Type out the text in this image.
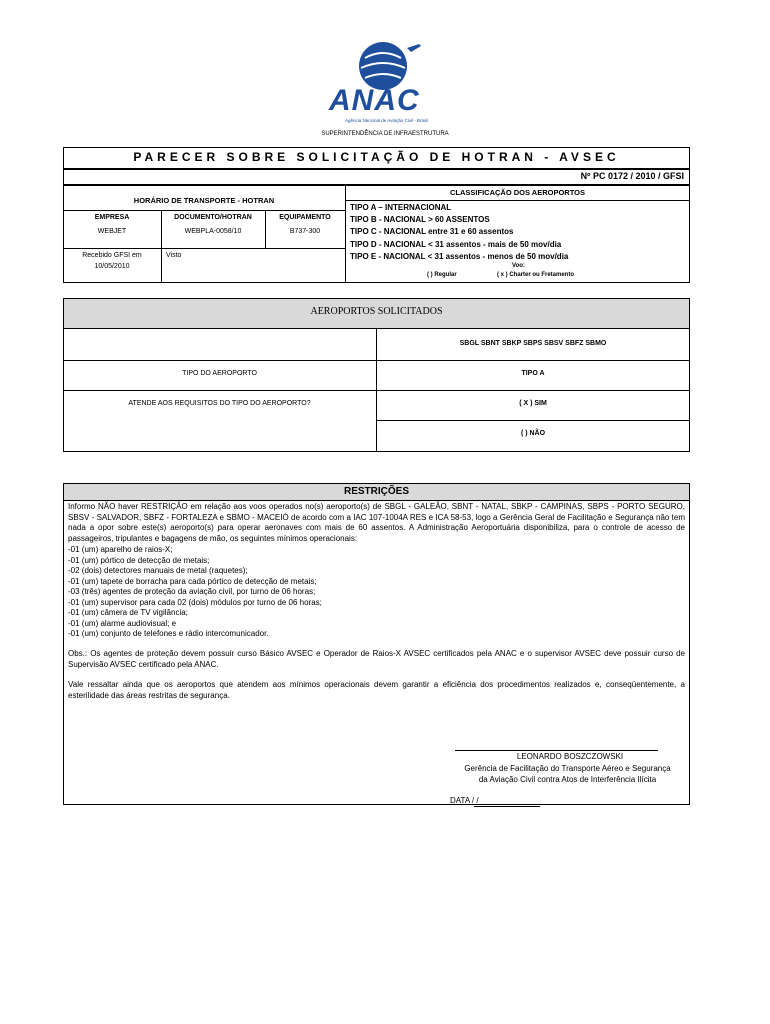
ANAC
Agência Nacional de Aviação Civil - Brasil
SUPERINTENDÊNCIA DE INFRAESTRUTURA
PARECER SOBRE SOLICITAÇÃO DE HOTRAN - AVSEC
Nº PC 0172 / 2010 / GFSI
HORÁRIO DE TRANSPORTE - HOTRAN
EMPRESA	DOCUMENTO/HOTRAN	EQUIPAMENTO
WEBJET	WEBPLA-0058/10	B737-300
Recebido GFSI em
10/05/2010
Visto
CLASSIFICAÇÃO DOS AEROPORTOS
TIPO A – INTERNACIONAL
TIPO B - NACIONAL > 60 ASSENTOS
TIPO C - NACIONAL entre 31 e 60 assentos
TIPO D - NACIONAL < 31 assentos - mais de 50 mov/dia
TIPO E - NACIONAL < 31 assentos - menos de 50 mov/dia
Voo:
( ) Regular	( x ) Charter ou Fretamento
AEROPORTOS SOLICITADOS
SBGL SBNT SBKP SBPS SBSV SBFZ SBMO
TIPO DO AEROPORTO	TIPO A
ATENDE AOS REQUISITOS DO TIPO DO AEROPORTO?	( X ) SIM
( ) NÃO
RESTRIÇÕES
Informo NÃO haver RESTRIÇÃO em relação aos voos operados no(s) aeroporto(s) de SBGL - GALEÃO, SBNT - NATAL, SBKP - CAMPINAS, SBPS - PORTO SEGURO, SBSV - SALVADOR, SBFZ - FORTALEZA e SBMO - MACEIÓ de acordo com a IAC 107-1004A RES e ICA 58-53, logo a Gerência Geral de Facilitação e Segurança não tem nada a opor sobre este(s) aeroporto(s) para operar aeronaves com mais de 60 assentos. A Administração Aeroportuária disponibiliza, para o controle de acesso de passageiros, tripulantes e bagagens de mão, os seguintes mínimos operacionais:
-01 (um) aparelho de raios-X;
-01 (um) pórtico de detecção de metais;
-02 (dois) detectores manuais de metal (raquetes);
-01 (um) tapete de borracha para cada pórtico de detecção de metais;
-03 (três) agentes de proteção da aviação civil, por turno de 06 horas;
-01 (um) supervisor para cada 02 (dois) módulos por turno de 06 horas;
-01 (um) câmera de TV vigilância;
-01 (um) alarme audiovisual; e
-01 (um) conjunto de telefones e rádio intercomunicador.
Obs.: Os agentes de proteção devem possuir curso Básico AVSEC e Operador de Raios-X AVSEC certificados pela ANAC e o supervisor AVSEC deve possuir curso de Supervisão AVSEC certificado pela ANAC.
Vale ressaltar ainda que os aeroportos que atendem aos mínimos operacionais devem garantir a eficiência dos procedimentos realizados e, conseqüentemente, a esterilidade das áreas restritas de segurança.
LEONARDO BOSZCZOWSKI
Gerência de Facilitação do Transporte Aéreo e Segurança
da Aviação Civil contra Atos de Interferência Ilícita
DATA / /
